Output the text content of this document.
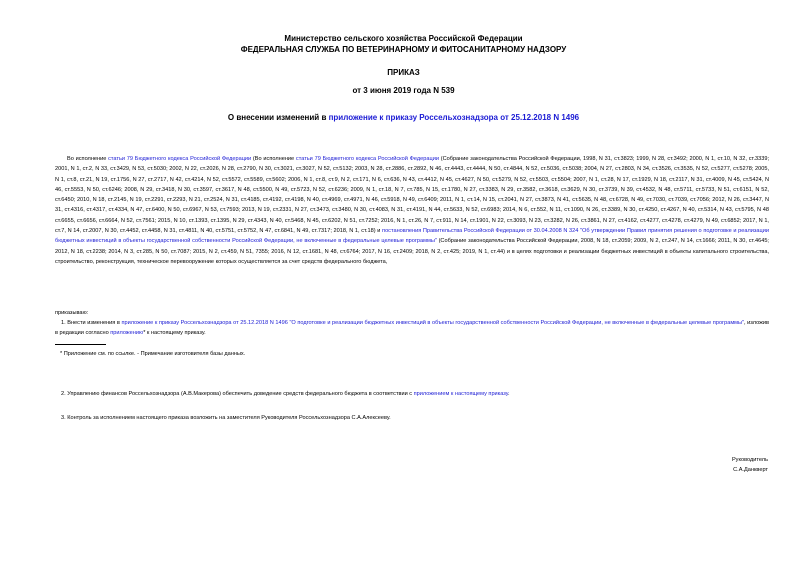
Министерство сельского хозяйства Российской Федерации
ФЕДЕРАЛЬНАЯ СЛУЖБА ПО ВЕТЕРИНАРНОМУ И ФИТОСАНИТАРНОМУ НАДЗОРУ
ПРИКАЗ
от 3 июня 2019 года N 539
О внесении изменений в приложение к приказу Россельхознадзора от 25.12.2018 N 1496
Во исполнение статьи 79 Бюджетного кодекса Российской Федерации (Во исполнение статьи 79 Бюджетного кодекса Российской Федерации (Собрание законодательства Российской Федерации, 1998, N 31, ст.3823; 1999, N 28, ст.3492; 2000, N 1, ст.10, N 32, ст.3339; 2001, N 1, ст.2, N 33, ст.3429, N 53, ст.5030; 2002, N 22, ст.2026, N 28, ст.2790, N 30, ст.3021, ст.3027, N 52, ст.5132; 2003, N 28, ст.2886, ст.2892, N 46, ст.4443, ст.4444, N 50, ст.4844, N 52, ст.5036, ст.5038; 2004, N 27, ст.2803, N 34, ст.3526, ст.3535, N 52, ст.5277, ст.5278; 2005, N 1, ст.8, ст.21, N 19, ст.1756, N 27, ст.2717, N 42, ст.4214, N 52, ст.5572, ст.5589, ст.5602; 2006, N 1, ст.8, ст.9, N 2, ст.171, N 6, ст.636, N 43, ст.4412, N 45, ст.4627, N 50, ст.5279, N 52, ст.5503, ст.5504; 2007, N 1, ст.28, N 17, ст.1929, N 18, ст.2117, N 31, ст.4009, N 45, ст.5424, N 46, ст.5553, N 50, ст.6246; 2008, N 29, ст.3418, N 30, ст.3597, ст.3617, N 48, ст.5500, N 49, ст.5723, N 52, ст.6236; 2009, N 1, ст.18, N 7, ст.785, N 15, ст.1780, N 27, ст.3383, N 29, ст.3582, ст.3618, ст.3629, N 30, ст.3739, N 39, ст.4532, N 48, ст.5711, ст.5733, N 51, ст.6151, N 52, ст.6450; 2010, N 18, ст.2145, N 19, ст.2291, ст.2293, N 21, ст.2524, N 31, ст.4185, ст.4192, ст.4198, N 40, ст.4969, ст.4971, N 46, ст.5918, N 49, ст.6409; 2011, N 1, ст.14, N 15, ст.2041, N 27, ст.3873, N 41, ст.5635, N 48, ст.6728, N 49, ст.7030, ст.7039, ст.7056; 2012, N 26, ст.3447, N 31, ст.4316, ст.4317, ст.4334, N 47, ст.6400, N 50, ст.6967, N 53, ст.7593; 2013, N 19, ст.2331, N 27, ст.3473, ст.3480, N 30, ст.4083, N 31, ст.4191, N 44, ст.5633, N 52, ст.6983; 2014, N 6, ст.552, N 11, ст.1090, N 26, ст.3389, N 30, ст.4250, ст.4267, N 40, ст.5314, N 43, ст.5795, N 48 ст.6655, ст.6656, ст.6664, N 52, ст.7561; 2015, N 10, ст.1393, ст.1395, N 29, ст.4343, N 40, ст.5468, N 45, ст.6202, N 51, ст.7252; 2016, N 1, ст.26, N 7, ст.911, N 14, ст.1901, N 22, ст.3093, N 23, ст.3282, N 26, ст.3861, N 27, ст.4162, ст.4277, ст.4278, ст.4279, N 49, ст.6852; 2017, N 1, ст.7, N 14, ст.2007, N 30, ст.4452, ст.4458, N 31, ст.4811, N 40, ст.5751, ст.5752, N 47, ст.6841, N 49, ст.7317; 2018, N 1, ст.18) и постановления Правительства Российской Федерации от 30.04.2008 N 324 "Об утверждении Правил принятия решения о подготовке и реализации бюджетных инвестиций в объекты государственной собственности Российской Федерации, не включенные в федеральные целевые программы" (Собрание законодательства Российской Федерации, 2008, N 18, ст.2059; 2009, N 2, ст.247, N 14, ст.1666; 2011, N 30, ст.4645; 2012, N 18, ст.2238; 2014, N 3, ст.285, N 50, ст.7087; 2015, N 2, ст.459, N 51, 7355; 2016, N 12, ст.1681, N 48, ст.6764; 2017, N 16, ст.2409; 2018, N 2, ст.425; 2019, N 1, ст.44) и в целях подготовки и реализации бюджетных инвестиций в объекты капитального строительства, строительство, реконструкция, техническое перевооружение которых осуществляется за счет средств федерального бюджета,
приказываю:
1. Внести изменения в приложение к приказу Россельхознадзора от 25.12.2018 N 1496 "О подготовке и реализации бюджетных инвестиций в объекты государственной собственности Российской Федерации, не включенные в федеральные целевые программы", изложив в редакции согласно приложению* к настоящему приказу.
* Приложение см. по ссылке. - Примечание изготовителя базы данных.
2. Управлению финансов Россельхознадзора (А.В.Макерова) обеспечить доведение средств федерального бюджета в соответствии с приложением к настоящему приказу.
3. Контроль за исполнением настоящего приказа возложить на заместителя Руководителя Россельхознадзора С.А.Алексееву.
Руководитель
С.А.Данкверт
